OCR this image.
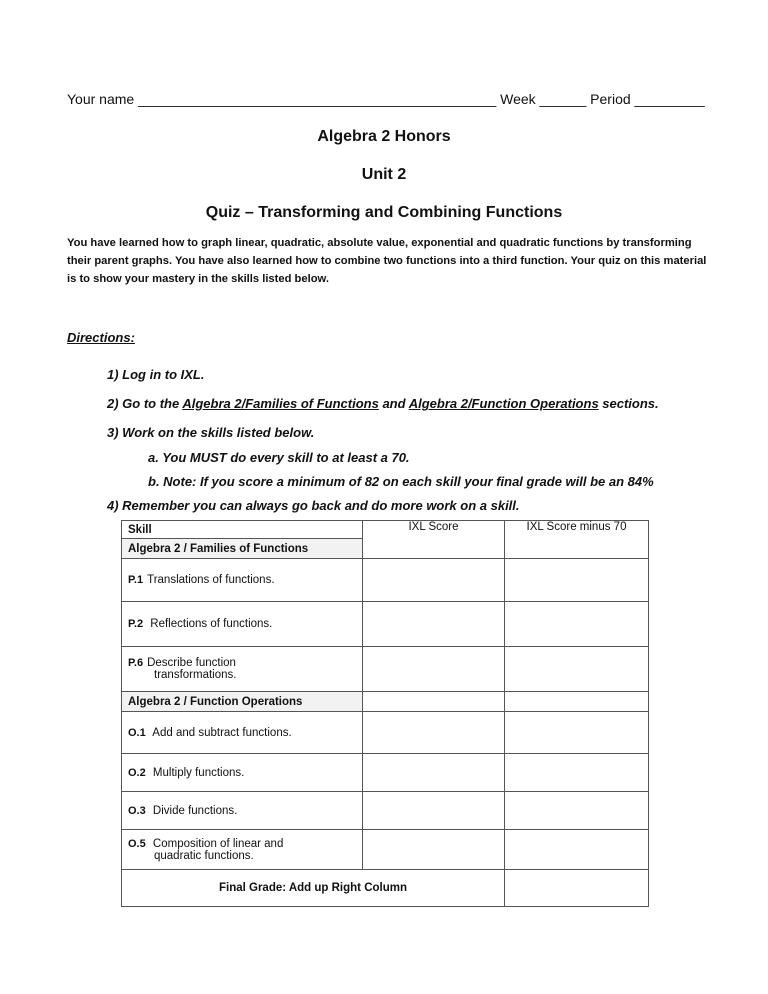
Your name ______________________________________________ Week ______ Period _________
Algebra 2 Honors
Unit 2
Quiz – Transforming and Combining Functions
You have learned how to graph linear, quadratic, absolute value, exponential and quadratic functions by transforming their parent graphs. You have also learned how to combine two functions into a third function. Your quiz on this material is to show your mastery in the skills listed below.
Directions:
1) Log in to IXL.
2) Go to the Algebra 2/Families of Functions and Algebra 2/Function Operations sections.
3) Work on the skills listed below.
a. You MUST do every skill to at least a 70.
b. Note: If you score a minimum of 82 on each skill your final grade will be an 84%
4) Remember you can always go back and do more work on a skill.
Skill	IXL Score	IXL Score minus 70
Algebra 2 / Families of Functions		
P.1 Translations of functions.		
P.2 Reflections of functions.		
P.6 Describe function
transformations.		

Algebra 2 / Function Operations		
O.1 Add and subtract functions.		
O.2 Multiply functions.		
O.3 Divide functions.		
O.5 Composition of linear and
quadratic functions.		

Final Grade: Add up Right Column		
